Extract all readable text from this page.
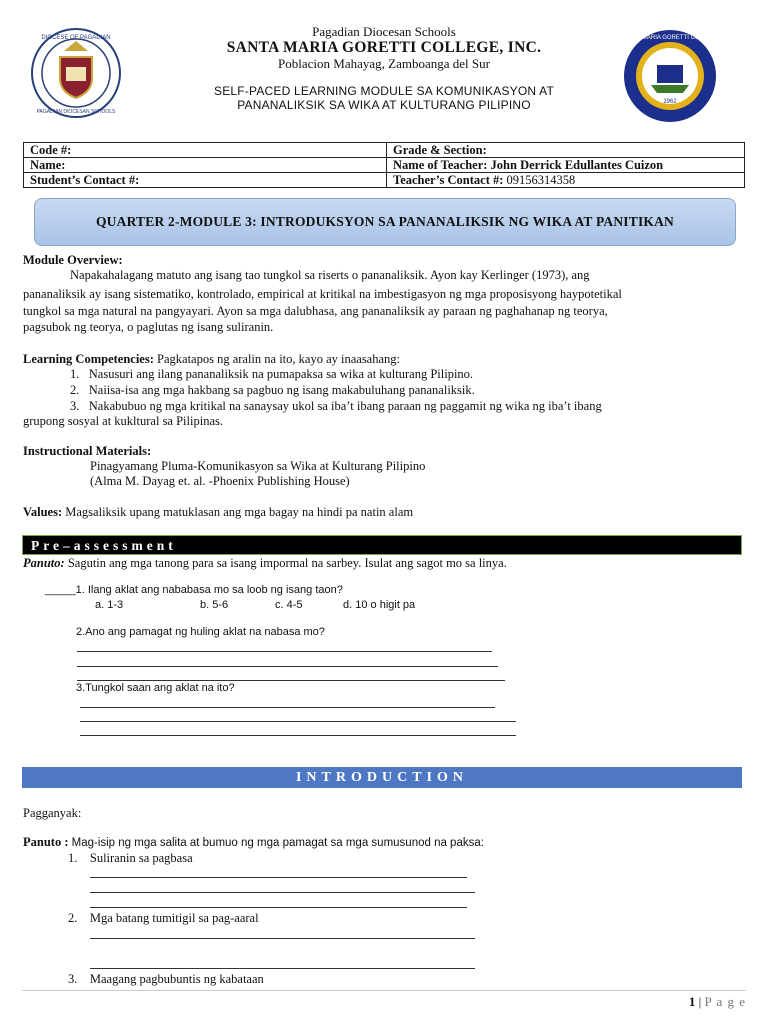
DIOCESE OF PAGADIAN
PAGADIAN DIOCESAN SCHOOLS
SANTA MARIA GORETTI COLLEGE
1962
Pagadian Diocesan Schools
SANTA MARIA GORETTI COLLEGE, INC.
Poblacion Mahayag, Zamboanga del Sur
SELF-PACED LEARNING MODULE SA KOMUNIKASYON AT
PANANALIKSIK SA WIKA AT KULTURANG PILIPINO
Code #:	Grade & Section:
Name:	Name of Teacher: John Derrick Edullantes Cuizon
Student’s Contact #:	Teacher’s Contact #: 09156314358
QUARTER 2-MODULE 3: INTRODUKSYON SA PANANALIKSIK NG WIKA AT PANITIKAN
Module Overview:
Napakahalagang matuto ang isang tao tungkol sa riserts o pananaliksik. Ayon kay Kerlinger (1973), ang
pananaliksik ay isang sistematiko, kontrolado, empirical at kritikal na imbestigasyon ng mga proposisyong haypotetikal
tungkol sa mga natural na pangyayari. Ayon sa mga dalubhasa, ang pananaliksik ay paraan ng paghahanap ng teorya,
pagsubok ng teorya, o paglutas ng isang suliranin.
Learning Competencies: Pagkatapos ng aralin na ito, kayo ay inaasahang:
1.   Nasusuri ang ilang pananaliksik na pumapaksa sa wika at kulturang Pilipino.
2.   Naiisa-isa ang mga hakbang sa pagbuo ng isang makabuluhang pananaliksik.
3.   Nakabubuo ng mga kritikal na sanaysay ukol sa iba’t ibang paraan ng paggamit ng wika ng iba’t ibang
grupong sosyal at kukltural sa Pilipinas.
Instructional Materials:
Pinagyamang Pluma-Komunikasyon sa Wika at Kulturang Pilipino
(Alma M. Dayag et. al. -Phoenix Publishing House)
Values: Magsaliksik upang matuklasan ang mga bagay na hindi pa natin alam
Pre–assessment
Panuto: Sagutin ang mga tanong para sa isang impormal na sarbey. Isulat ang sagot mo sa linya.
_____1. Ilang aklat ang nababasa mo sa loob ng isang taon?
a. 1-3	b. 5-6	c. 4-5	d. 10 o higit pa
2.Ano ang pamagat ng huling aklat na nabasa mo?
3.Tungkol saan ang aklat na ito?
INTRODUCTION
Pagganyak:
Panuto : Mag-isip ng mga salita at bumuo ng mga pamagat sa mga sumusunod na paksa:
1.    Suliranin sa pagbasa
2.    Mga batang tumitigil sa pag-aaral
3.    Maagang pagbubuntis ng kabataan
1 | P a g e
